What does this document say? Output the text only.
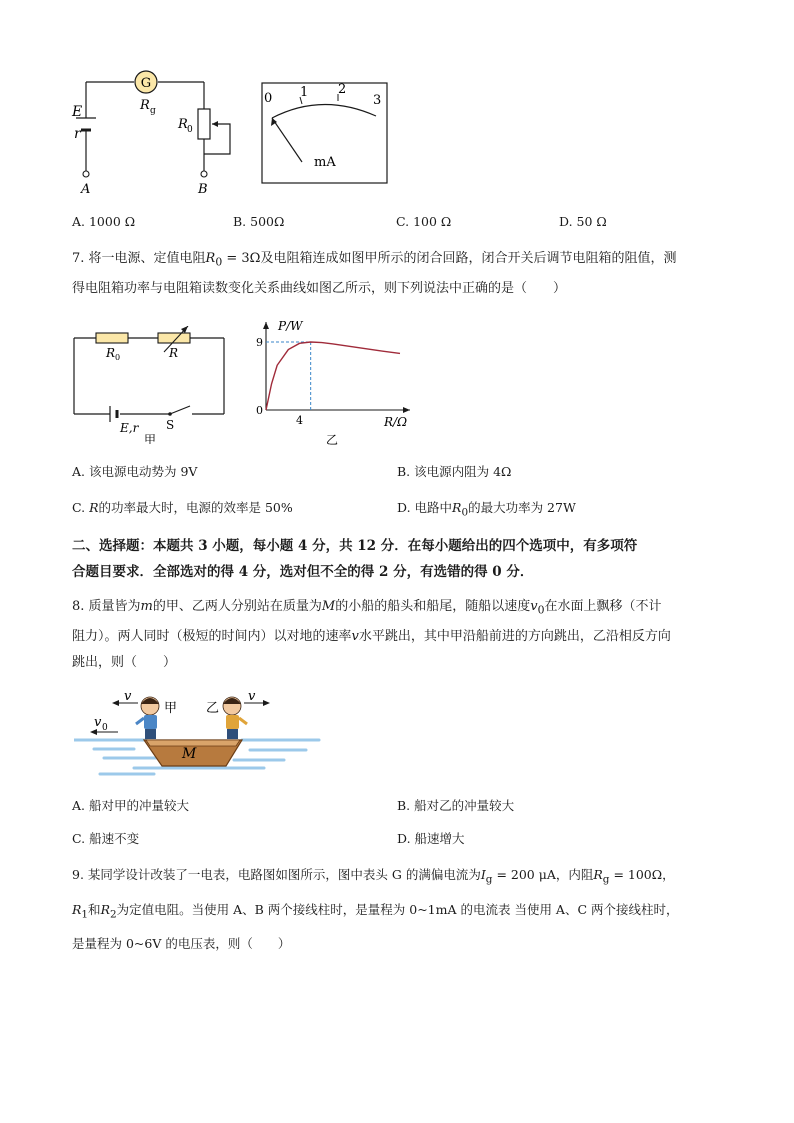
G
R g
R 0
E
r
A	B
0 1 2
3
mA
A. 1000 Ω	B. 500Ω	C. 100 Ω	D. 50 Ω
7. 将一电源、定值电阻$R_0 = 3\Omega$及电阻箱连成如图甲所示的闭合回路，闭合开关后调节电阻箱的阻值，测
得电阻箱功率与电阻箱读数变化关系曲线如图乙所示，则下列说法中正确的是（　　）
R 0	R
E,r S
甲
P/W
R/Ω
0
9
4
乙
A. 该电源电动势为 9V	B. 该电源内阻为 4Ω
C. R的功率最大时，电源的效率是 50%	D. 电路中$R_0$的最大功率为 27W
二、选择题：本题共 3 小题，每小题 4 分，共 12 分．在每小题给出的四个选项中，有多项符
合题目要求．全部选对的得 4 分，选对但不全的得 2 分，有选错的得 0 分．
8. 质量皆为m的甲、乙两人分别站在质量为M的小船的船头和船尾，随船以速度$v_0$在水面上飘移（不计
阻力）。两人同时（极短的时间内）以对地的速率v水平跳出，其中甲沿船前进的方向跳出，乙沿相反方向
跳出，则（　　）
v	v
甲 乙
v 0
M
A. 船对甲的冲量较大	B. 船对乙的冲量较大
C. 船速不变	D. 船速增大
9. 某同学设计改装了一电表，电路图如图所示，图中表头 G 的满偏电流为$I_g = 200$ μA，内阻$R_g = 100\Omega$，
$R_1$和$R_2$为定值电阻。当使用 A、B 两个接线柱时，是量程为 0~1mA 的电流表 当使用 A、C 两个接线柱时，
是量程为 0~6V 的电压表，则（　　）
